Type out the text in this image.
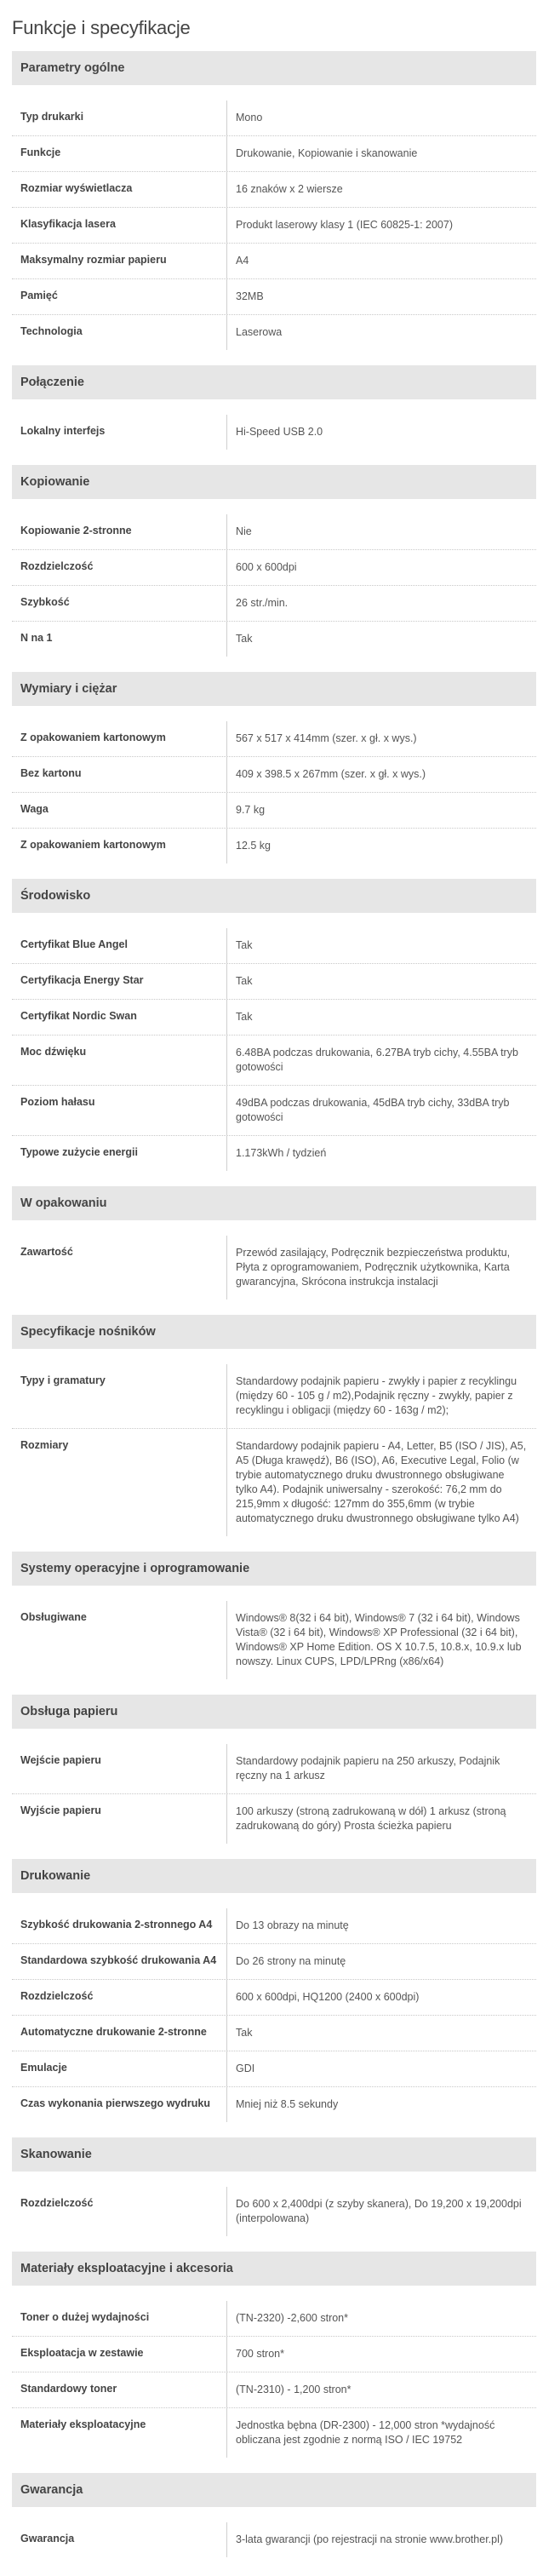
Funkcje i specyfikacje
Parametry ogólne
Typ drukarki	Mono
Funkcje	Drukowanie, Kopiowanie i skanowanie
Rozmiar wyświetlacza	16 znaków x 2 wiersze
Klasyfikacja lasera	Produkt laserowy klasy 1 (IEC 60825-1: 2007)
Maksymalny rozmiar papieru	A4
Pamięć	32MB
Technologia	Laserowa
Połączenie
Lokalny interfejs	Hi-Speed USB 2.0
Kopiowanie
Kopiowanie 2-stronne	Nie
Rozdzielczość	600 x 600dpi
Szybkość	26 str./min.
N na 1	Tak
Wymiary i ciężar
Z opakowaniem kartonowym	567 x 517 x 414mm (szer. x gł. x wys.)
Bez kartonu	409 x 398.5 x 267mm (szer. x gł. x wys.)
Waga	9.7 kg
Z opakowaniem kartonowym	12.5 kg
Środowisko
Certyfikat Blue Angel	Tak
Certyfikacja Energy Star	Tak
Certyfikat Nordic Swan	Tak
Moc dźwięku	6.48BA podczas drukowania, 6.27BA tryb cichy, 4.55BA tryb gotowości
Poziom hałasu	49dBA podczas drukowania, 45dBA tryb cichy, 33dBA tryb gotowości
Typowe zużycie energii	1.173kWh / tydzień
W opakowaniu
Zawartość	Przewód zasilający, Podręcznik bezpieczeństwa produktu, Płyta z oprogramowaniem, Podręcznik użytkownika, Karta gwarancyjna, Skrócona instrukcja instalacji
Specyfikacje nośników
Typy i gramatury	Standardowy podajnik papieru - zwykły i papier z recyklingu (między 60 - 105 g / m2),Podajnik ręczny - zwykły, papier z recyklingu i obligacji (między 60 - 163g / m2);
Rozmiary	Standardowy podajnik papieru - A4, Letter, B5 (ISO / JIS), A5, A5 (Długa krawędź), B6 (ISO), A6, Executive Legal, Folio (w trybie automatycznego druku dwustronnego obsługiwane tylko A4). Podajnik uniwersalny - szerokość: 76,2 mm do 215,9mm x długość: 127mm do 355,6mm (w trybie automatycznego druku dwustronnego obsługiwane tylko A4)
Systemy operacyjne i oprogramowanie
Obsługiwane	Windows® 8(32 i 64 bit), Windows® 7 (32 i 64 bit), Windows Vista® (32 i 64 bit), Windows® XP Professional (32 i 64 bit), Windows® XP Home Edition. OS X 10.7.5, 10.8.x, 10.9.x lub nowszy. Linux CUPS, LPD/LPRng (x86/x64)
Obsługa papieru
Wejście papieru	Standardowy podajnik papieru na 250 arkuszy, Podajnik ręczny na 1 arkusz
Wyjście papieru	100 arkuszy (stroną zadrukowaną w dół) 1 arkusz (stroną zadrukowaną do góry) Prosta ścieżka papieru
Drukowanie
Szybkość drukowania 2-stronnego A4	Do 13 obrazy na minutę
Standardowa szybkość drukowania A4	Do 26 strony na minutę
Rozdzielczość	600 x 600dpi, HQ1200 (2400 x 600dpi)
Automatyczne drukowanie 2-stronne	Tak
Emulacje	GDI
Czas wykonania pierwszego wydruku	Mniej niż 8.5 sekundy
Skanowanie
Rozdzielczość	Do 600 x 2,400dpi (z szyby skanera), Do 19,200 x 19,200dpi (interpolowana)
Materiały eksploatacyjne i akcesoria
Toner o dużej wydajności	(TN-2320) -2,600 stron*
Eksploatacja w zestawie	700 stron*
Standardowy toner	(TN-2310) - 1,200 stron*
Materiały eksploatacyjne	Jednostka bębna (DR-2300) - 12,000 stron *wydajność obliczana jest zgodnie z normą ISO / IEC 19752
Gwarancja
Gwarancja	3-lata gwarancji (po rejestracji na stronie www.brother.pl)
